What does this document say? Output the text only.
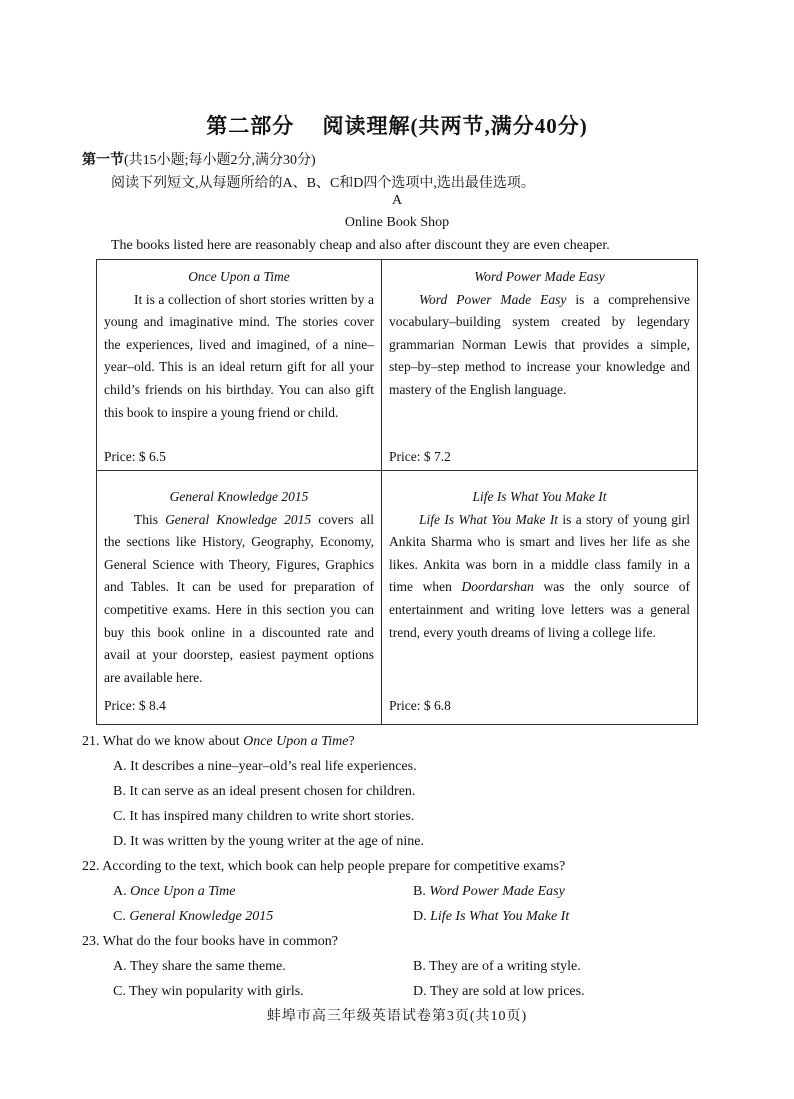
第二部分　 阅读理解(共两节,满分40分)
第一节(共15小题;每小题2分,满分30分)
阅读下列短文,从每题所给的A、B、C和D四个选项中,选出最佳选项。
A
Online Book Shop
The books listed here are reasonably cheap and also after discount they are even cheaper.
Once Upon a Time
It is a collection of short stories written by a young and imaginative mind. The stories cover the experiences, lived and imagined, of a nine–year–old. This is an ideal return gift for all your child’s friends on his birthday. You can also gift this book to inspire a young friend or child.
Price: $ 6.5
Word Power Made Easy
Word Power Made Easy is a comprehensive vocabulary–building system created by legendary grammarian Norman Lewis that provides a simple, step–by–step method to increase your knowledge and mastery of the English language.
Price: $ 7.2
General Knowledge 2015
This General Knowledge 2015 covers all the sections like History, Geography, Economy, General Science with Theory, Figures, Graphics and Tables. It can be used for preparation of competitive exams. Here in this section you can buy this book online in a discounted rate and avail at your doorstep, easiest payment options are available here.
Price: $ 8.4
Life Is What You Make It
Life Is What You Make It is a story of young girl Ankita Sharma who is smart and lives her life as she likes. Ankita was born in a middle class family in a time when Doordarshan was the only source of entertainment and writing love letters was a general trend, every youth dreams of living a college life.
Price: $ 6.8
21. What do we know about Once Upon a Time?
A. It describes a nine–year–old’s real life experiences.
B. It can serve as an ideal present chosen for children.
C. It has inspired many children to write short stories.
D. It was written by the young writer at the age of nine.
22. According to the text, which book can help people prepare for competitive exams?
A. Once Upon a Time	B. Word Power Made Easy
C. General Knowledge 2015	D. Life Is What You Make It
23. What do the four books have in common?
A. They share the same theme.	B. They are of a writing style.
C. They win popularity with girls.	D. They are sold at low prices.
蚌埠市高三年级英语试卷第3页(共10页)
